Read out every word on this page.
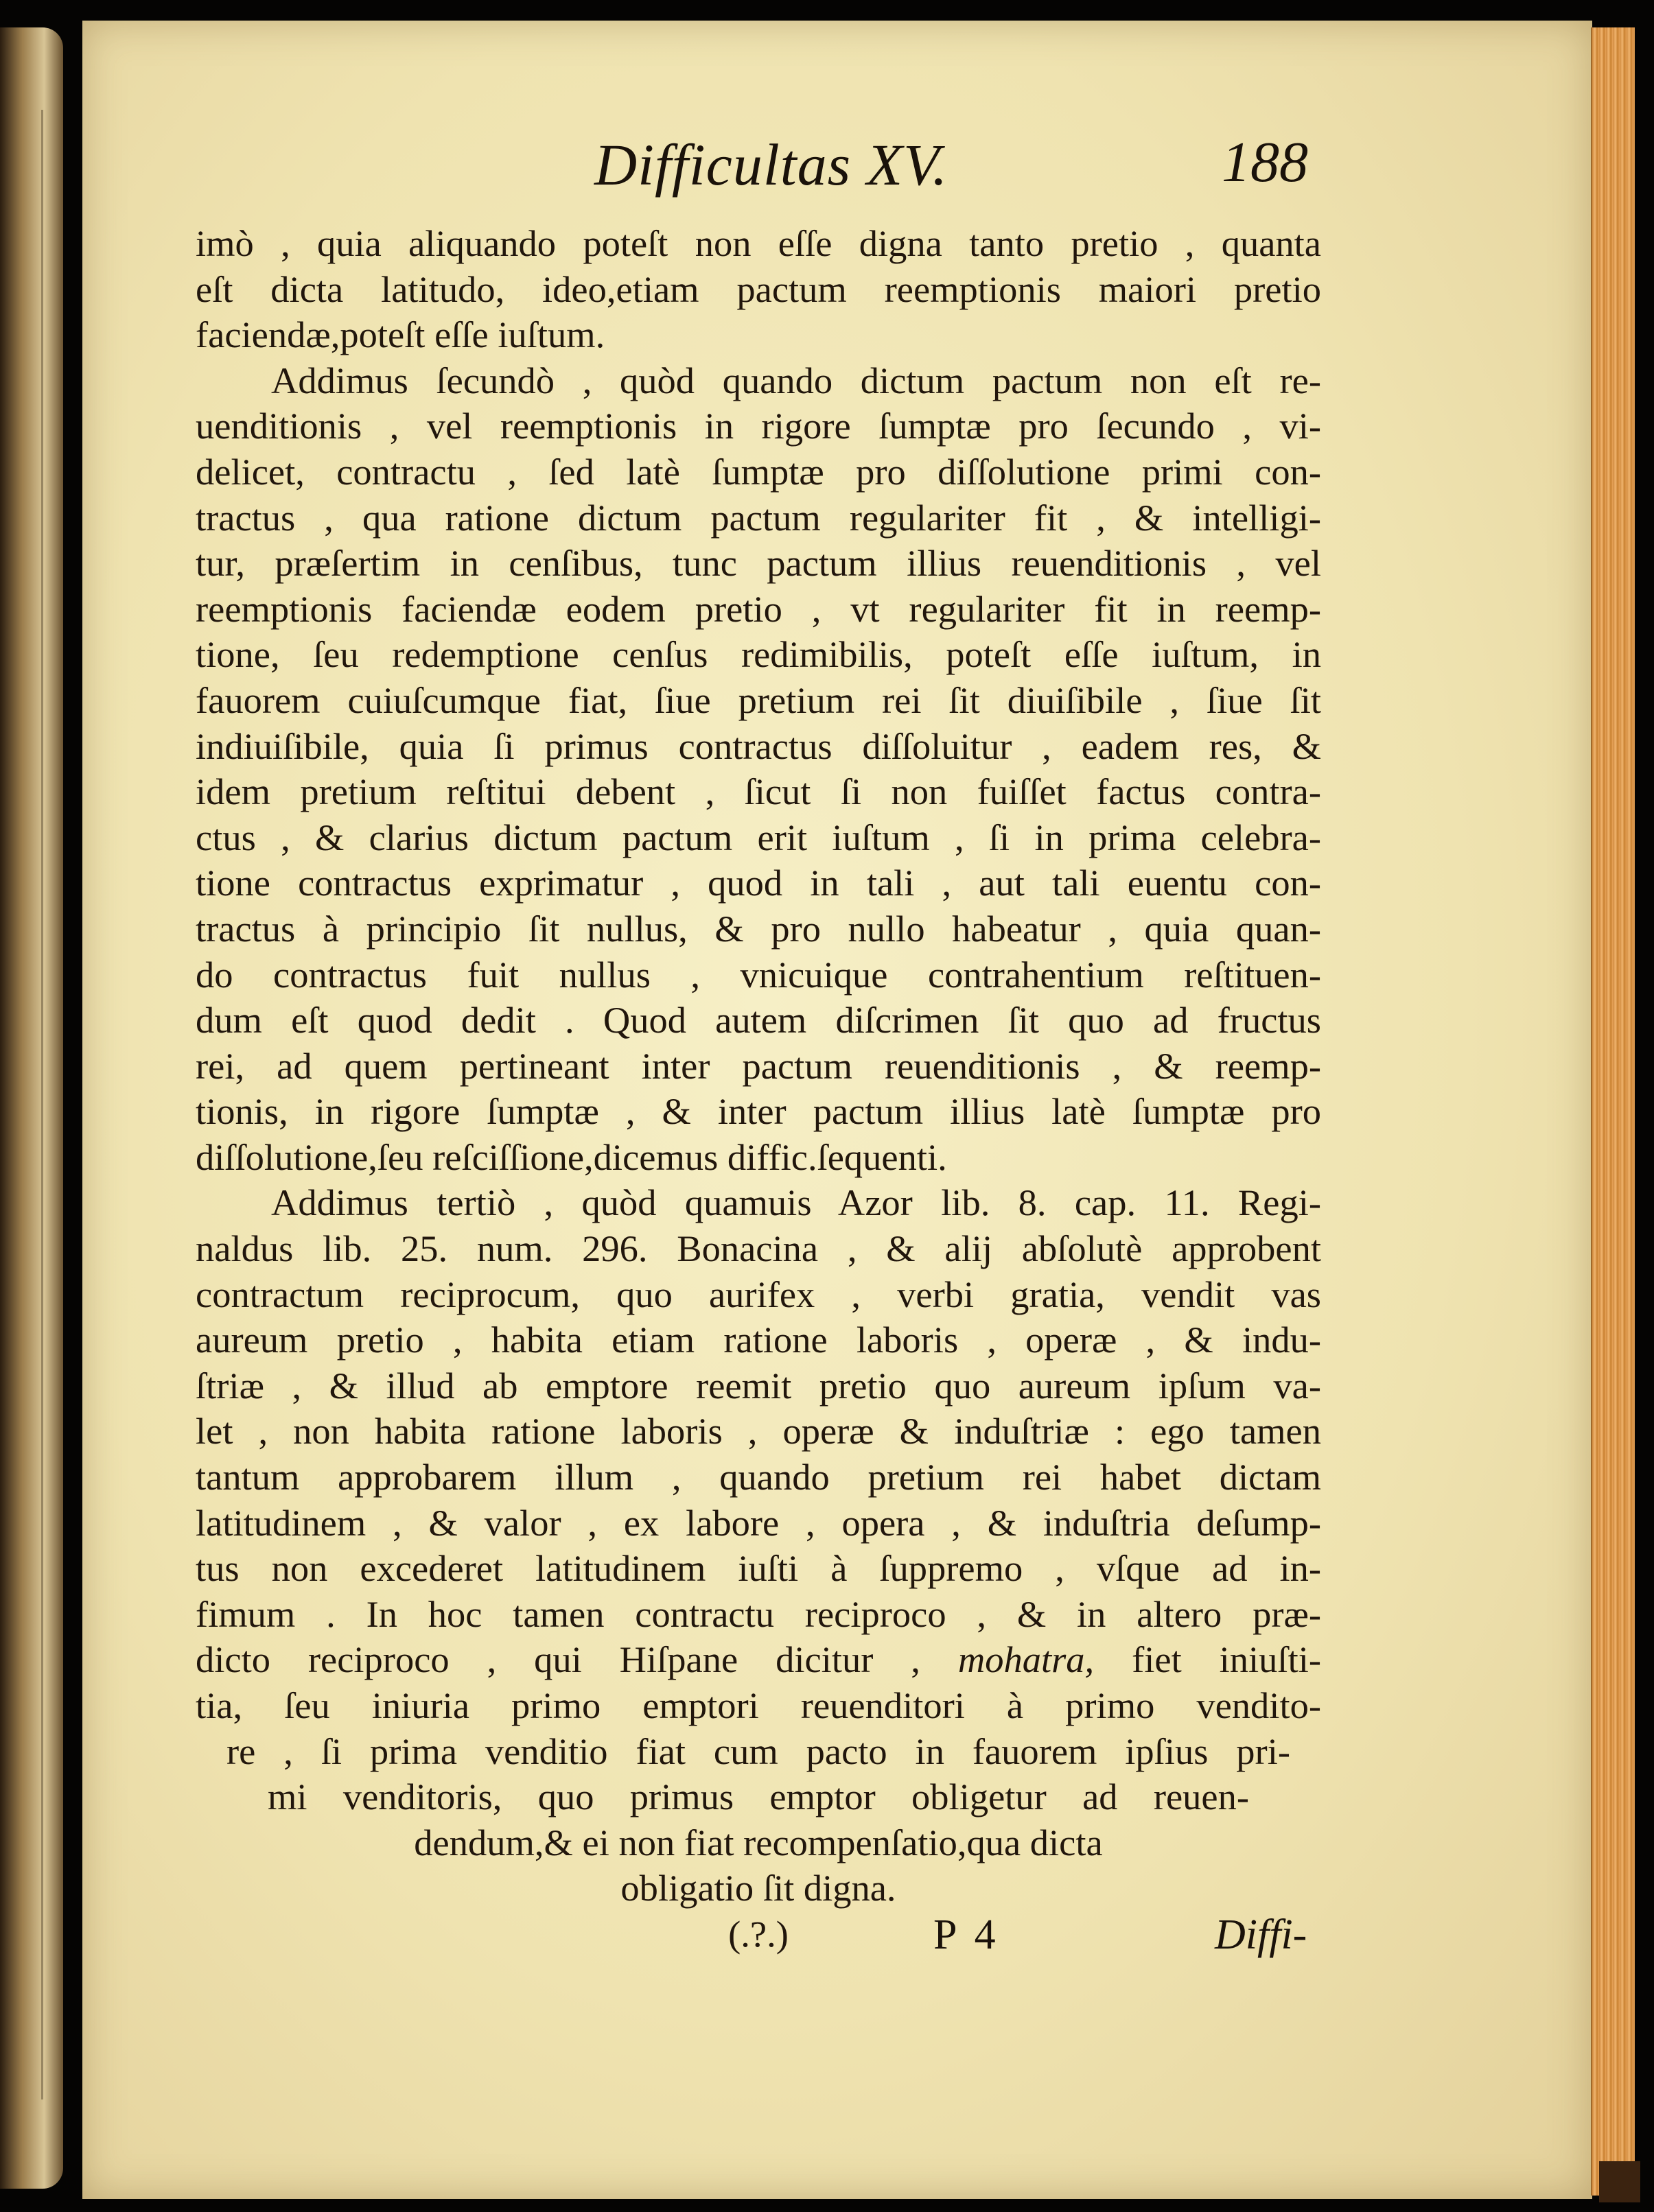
Difficultas XV.	188
imò , quia aliquando poteſt non eſſe digna tanto pretio , quanta
eſt dicta latitudo, ideo,etiam pactum reemptionis maiori pretio
faciendæ,poteſt eſſe iuſtum.
Addimus ſecundò , quòd quando dictum pactum non eſt re-
uenditionis , vel reemptionis in rigore ſumptæ pro ſecundo , vi-
delicet, contractu , ſed latè ſumptæ pro diſſolutione primi con-
tractus , qua ratione dictum pactum regulariter fit , & intelligi-
tur, præſertim in cenſibus, tunc pactum illius reuenditionis , vel
reemptionis faciendæ eodem pretio , vt regulariter fit in reemp-
tione, ſeu redemptione cenſus redimibilis, poteſt eſſe iuſtum, in
fauorem cuiuſcumque fiat, ſiue pretium rei ſit diuiſibile , ſiue ſit
indiuiſibile, quia ſi primus contractus diſſoluitur , eadem res, &
idem pretium reſtitui debent , ſicut ſi non fuiſſet factus contra-
ctus , & clarius dictum pactum erit iuſtum , ſi in prima celebra-
tione contractus exprimatur , quod in tali , aut tali euentu con-
tractus à principio ſit nullus, & pro nullo habeatur , quia quan-
do contractus fuit nullus , vnicuique contrahentium reſtituen-
dum eſt quod dedit . Quod autem diſcrimen ſit quo ad fructus
rei, ad quem pertineant inter pactum reuenditionis , & reemp-
tionis, in rigore ſumptæ , & inter pactum illius latè ſumptæ pro
diſſolutione,ſeu reſciſſione,dicemus diffic.ſequenti.
Addimus tertiò , quòd quamuis Azor lib. 8. cap. 11. Regi-
naldus lib. 25. num. 296. Bonacina , & alij abſolutè approbent
contractum reciprocum, quo aurifex , verbi gratia, vendit vas
aureum pretio , habita etiam ratione laboris , operæ , & indu-
ſtriæ , & illud ab emptore reemit pretio quo aureum ipſum va-
let , non habita ratione laboris , operæ & induſtriæ : ego tamen
tantum approbarem illum , quando pretium rei habet dictam
latitudinem , & valor , ex labore , opera , & induſtria deſump-
tus non excederet latitudinem iuſti à ſuppremo , vſque ad in-
fimum . In hoc tamen contractu reciproco , & in altero præ-
dicto reciproco , qui Hiſpane dicitur , mohatra, fiet iniuſti-
tia, ſeu iniuria primo emptori reuenditori à primo vendito-
re , ſi prima venditio fiat cum pacto in fauorem ipſius pri-
mi venditoris, quo primus emptor obligetur ad reuen-
dendum,& ei non fiat recompenſatio,qua dicta
obligatio ſit digna.
(.?.)	P 4	Diffi-
